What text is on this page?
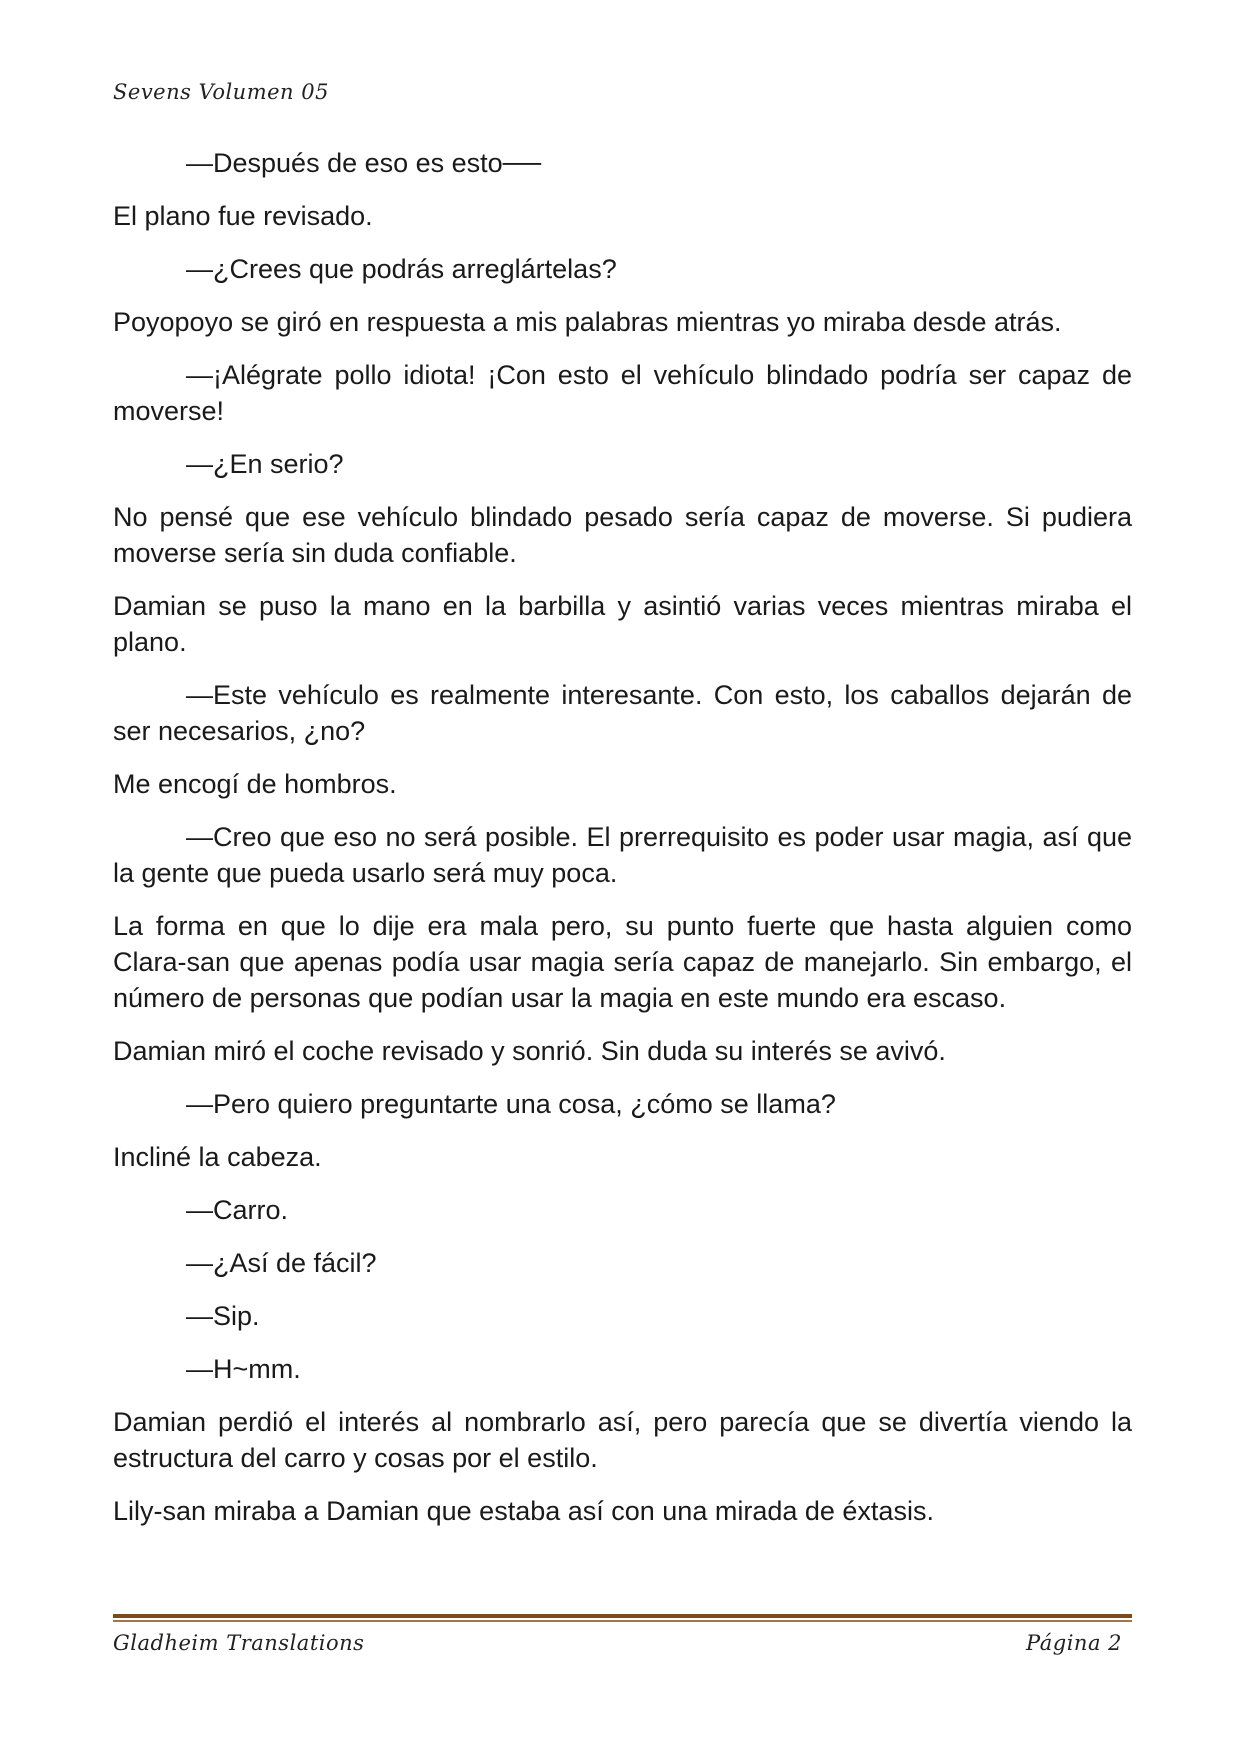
Sevens Volumen 05

—Después de eso es esto──

El plano fue revisado.

—¿Crees que podrás arreglártelas?

Poyopoyo se giró en respuesta a mis palabras mientras yo miraba desde atrás.

—¡Alégrate pollo idiota! ¡Con esto el vehículo blindado podría ser capaz de moverse!

—¿En serio?

No pensé que ese vehículo blindado pesado sería capaz de moverse. Si pudiera moverse sería sin duda confiable.

Damian se puso la mano en la barbilla y asintió varias veces mientras miraba el plano.

—Este vehículo es realmente interesante. Con esto, los caballos dejarán de ser necesarios, ¿no?

Me encogí de hombros.

—Creo que eso no será posible. El prerrequisito es poder usar magia, así que la gente que pueda usarlo será muy poca.

La forma en que lo dije era mala pero, su punto fuerte que hasta alguien como Clara-san que apenas podía usar magia sería capaz de manejarlo. Sin embargo, el número de personas que podían usar la magia en este mundo era escaso.

Damian miró el coche revisado y sonrió. Sin duda su interés se avivó.

—Pero quiero preguntarte una cosa, ¿cómo se llama?

Incliné la cabeza.

—Carro.

—¿Así de fácil?

—Sip.

—H~mm.

Damian perdió el interés al nombrarlo así, pero parecía que se divertía viendo la estructura del carro y cosas por el estilo.

Lily-san miraba a Damian que estaba así con una mirada de éxtasis.

Gladheim Translations	Página 2
